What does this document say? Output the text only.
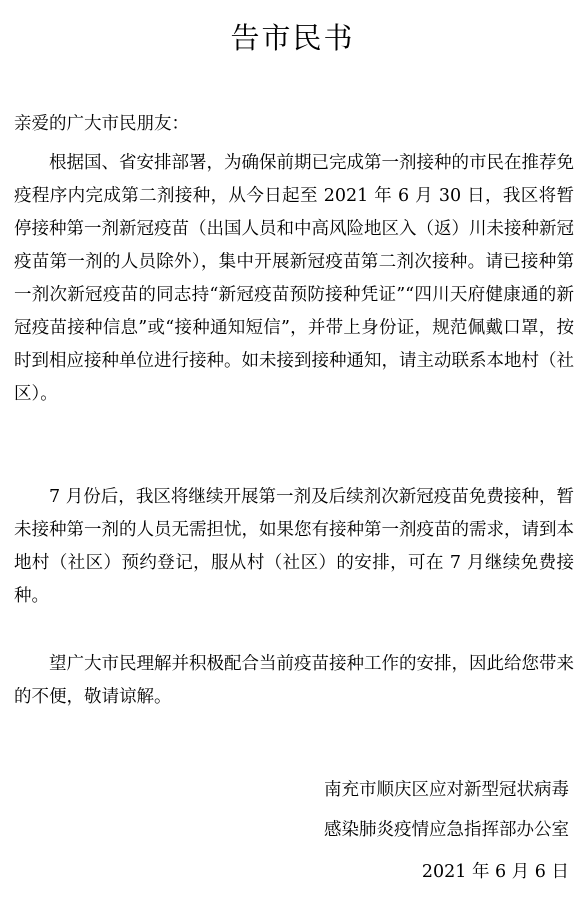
告市民书
亲爱的广大市民朋友：
根据国、省安排部署，为确保前期已完成第一剂接种的市民在推荐免疫程序内完成第二剂接种，从今日起至 2021 年 6 月 30 日，我区将暂停接种第一剂新冠疫苗（出国人员和中高风险地区入（返）川未接种新冠疫苗第一剂的人员除外），集中开展新冠疫苗第二剂次接种。请已接种第一剂次新冠疫苗的同志持“新冠疫苗预防接种凭证”“四川天府健康通的新冠疫苗接种信息”或“接种通知短信”，并带上身份证，规范佩戴口罩，按时到相应接种单位进行接种。如未接到接种通知，请主动联系本地村（社区）。
7 月份后，我区将继续开展第一剂及后续剂次新冠疫苗免费接种，暂未接种第一剂的人员无需担忧，如果您有接种第一剂疫苗的需求，请到本地村（社区）预约登记，服从村（社区）的安排，可在 7 月继续免费接种。
望广大市民理解并积极配合当前疫苗接种工作的安排，因此给您带来的不便，敬请谅解。
南充市顺庆区应对新型冠状病毒
感染肺炎疫情应急指挥部办公室
2021 年 6 月 6 日
